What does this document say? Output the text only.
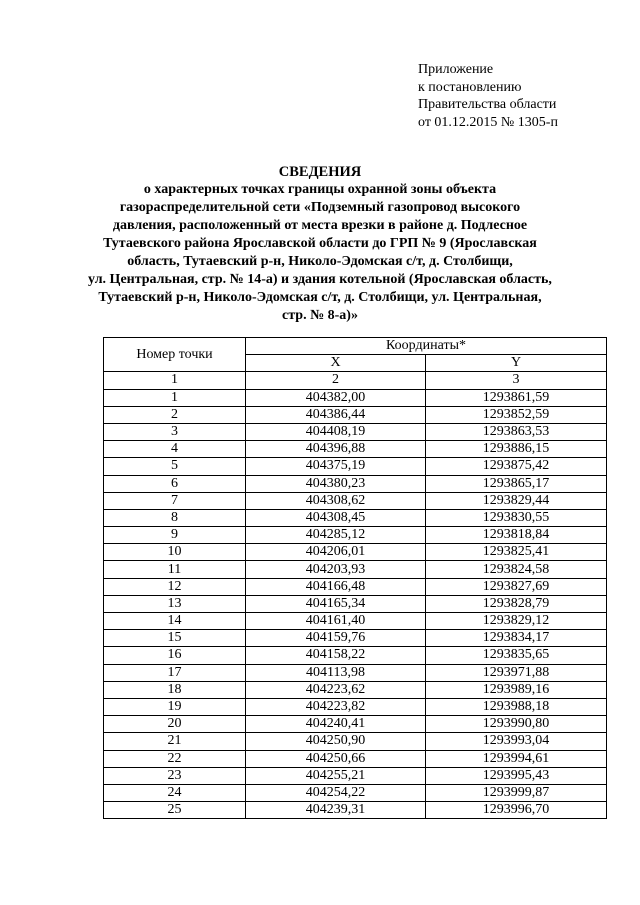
Приложение
к постановлению
Правительства области
от 01.12.2015 № 1305-п
СВЕДЕНИЯ
о характерных точках границы охранной зоны объекта
газораспределительной сети «Подземный газопровод высокого
давления, расположенный от места врезки в районе д. Подлесное
Тутаевского района Ярославской области до ГРП № 9 (Ярославская
область, Тутаевский р-н, Николо-Эдомская с/т, д. Столбищи,
ул. Центральная, стр. № 14-а) и здания котельной (Ярославская область,
Тутаевский р-н, Николо-Эдомская с/т, д. Столбищи, ул. Центральная,
стр. № 8-а)»
Номер точки	Координаты*	
	X	Y
1	2	3
1	404382,00	1293861,59
2	404386,44	1293852,59
3	404408,19	1293863,53
4	404396,88	1293886,15
5	404375,19	1293875,42
6	404380,23	1293865,17
7	404308,62	1293829,44
8	404308,45	1293830,55
9	404285,12	1293818,84
10	404206,01	1293825,41
11	404203,93	1293824,58
12	404166,48	1293827,69
13	404165,34	1293828,79
14	404161,40	1293829,12
15	404159,76	1293834,17
16	404158,22	1293835,65
17	404113,98	1293971,88
18	404223,62	1293989,16
19	404223,82	1293988,18
20	404240,41	1293990,80
21	404250,90	1293993,04
22	404250,66	1293994,61
23	404255,21	1293995,43
24	404254,22	1293999,87
25	404239,31	1293996,70
